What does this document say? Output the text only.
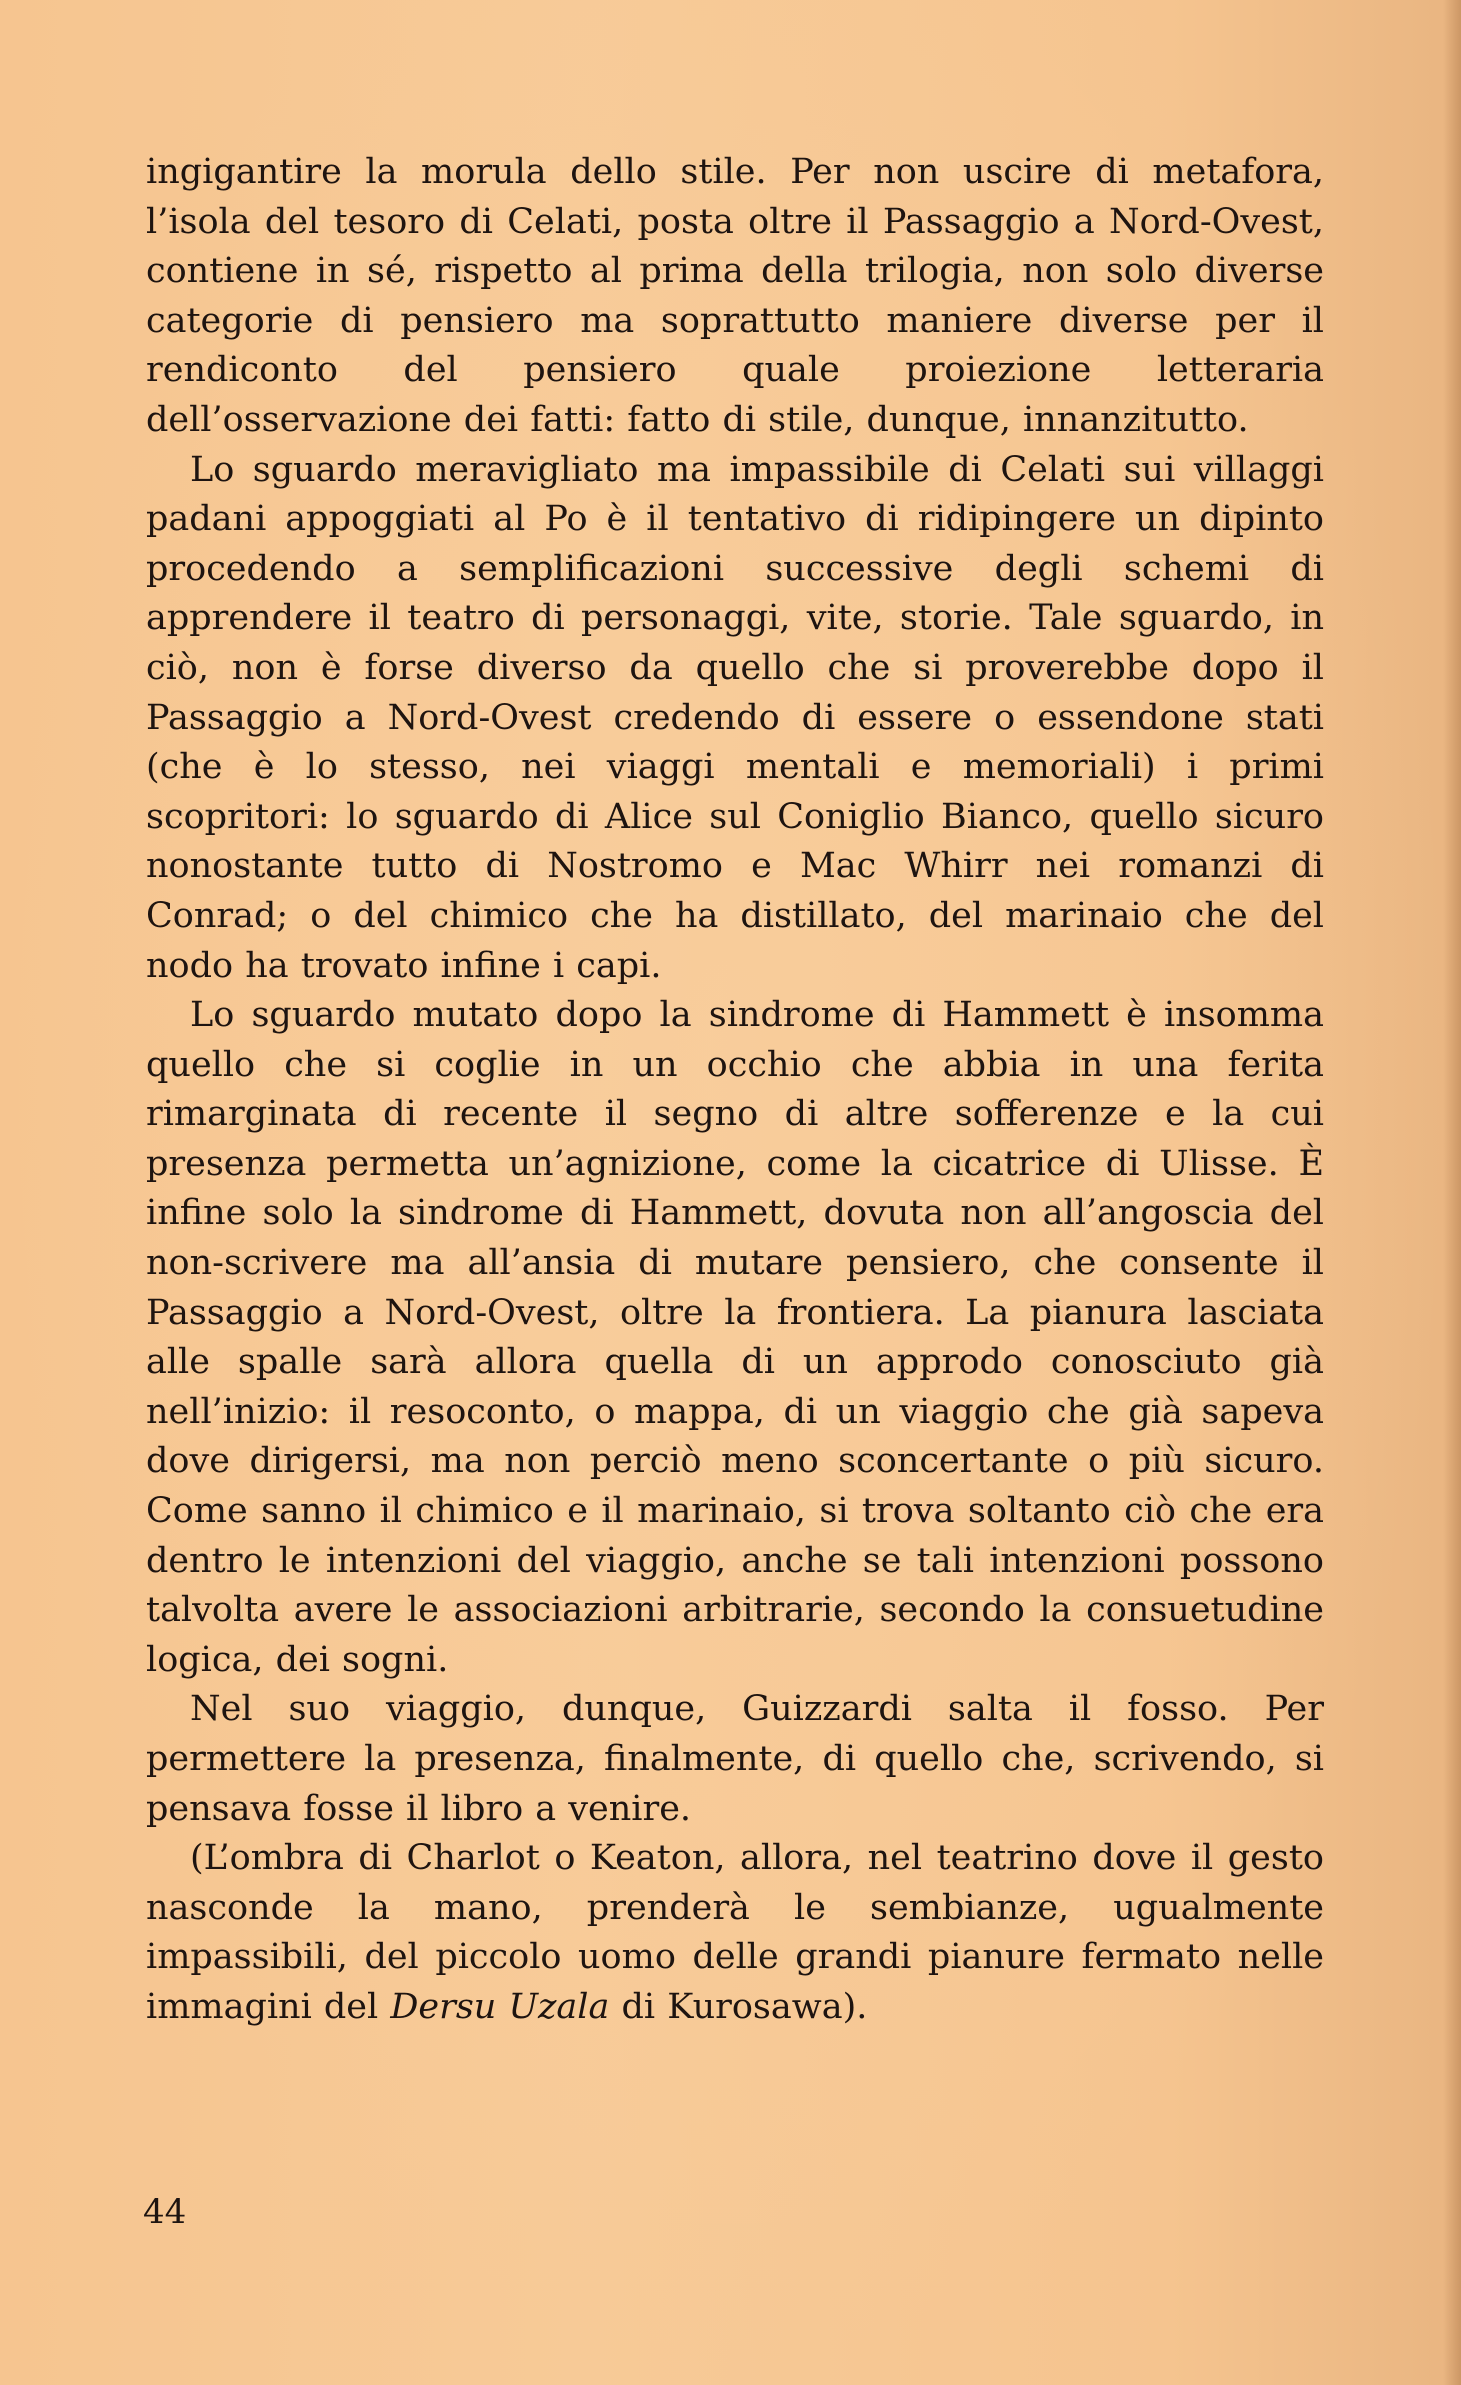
ingigantire la morula dello stile. Per non uscire di metafora, l’isola del tesoro di Celati, posta oltre il Passaggio a Nord-Ovest, contiene in sé, rispetto al prima della trilogia, non solo diverse categorie di pensiero ma soprattutto maniere diverse per il rendiconto del pensiero quale proiezione letteraria dell’osservazione dei fatti: fatto di stile, dunque, innanzitutto.

Lo sguardo meravigliato ma impassibile di Celati sui villaggi padani appoggiati al Po è il tentativo di ridipingere un dipinto procedendo a semplificazioni successive degli schemi di apprendere il teatro di personaggi, vite, storie. Tale sguardo, in ciò, non è forse diverso da quello che si proverebbe dopo il Passaggio a Nord-Ovest credendo di essere o essendone stati (che è lo stesso, nei viaggi mentali e memoriali) i primi scopritori: lo sguardo di Alice sul Coniglio Bianco, quello sicuro nonostante tutto di Nostromo e Mac Whirr nei romanzi di Conrad; o del chimico che ha distillato, del marinaio che del nodo ha trovato infine i capi.

Lo sguardo mutato dopo la sindrome di Hammett è insomma quello che si coglie in un occhio che abbia in una ferita rimarginata di recente il segno di altre sofferenze e la cui presenza permetta un’agnizione, come la cicatrice di Ulisse. È infine solo la sindrome di Hammett, dovuta non all’angoscia del non-scrivere ma all’ansia di mutare pensiero, che consente il Passaggio a Nord-Ovest, oltre la frontiera. La pianura lasciata alle spalle sarà allora quella di un approdo conosciuto già nell’inizio: il resoconto, o mappa, di un viaggio che già sapeva dove dirigersi, ma non perciò meno sconcertante o più sicuro. Come sanno il chimico e il marinaio, si trova soltanto ciò che era dentro le intenzioni del viaggio, anche se tali intenzioni possono talvolta avere le associazioni arbitrarie, secondo la consuetudine logica, dei sogni.

Nel suo viaggio, dunque, Guizzardi salta il fosso. Per permettere la presenza, finalmente, di quello che, scrivendo, si pensava fosse il libro a venire.

(L’ombra di Charlot o Keaton, allora, nel teatrino dove il gesto nasconde la mano, prenderà le sembianze, ugualmente impassibili, del piccolo uomo delle grandi pianure fermato nelle immagini del Dersu Uzala di Kurosawa).

44
